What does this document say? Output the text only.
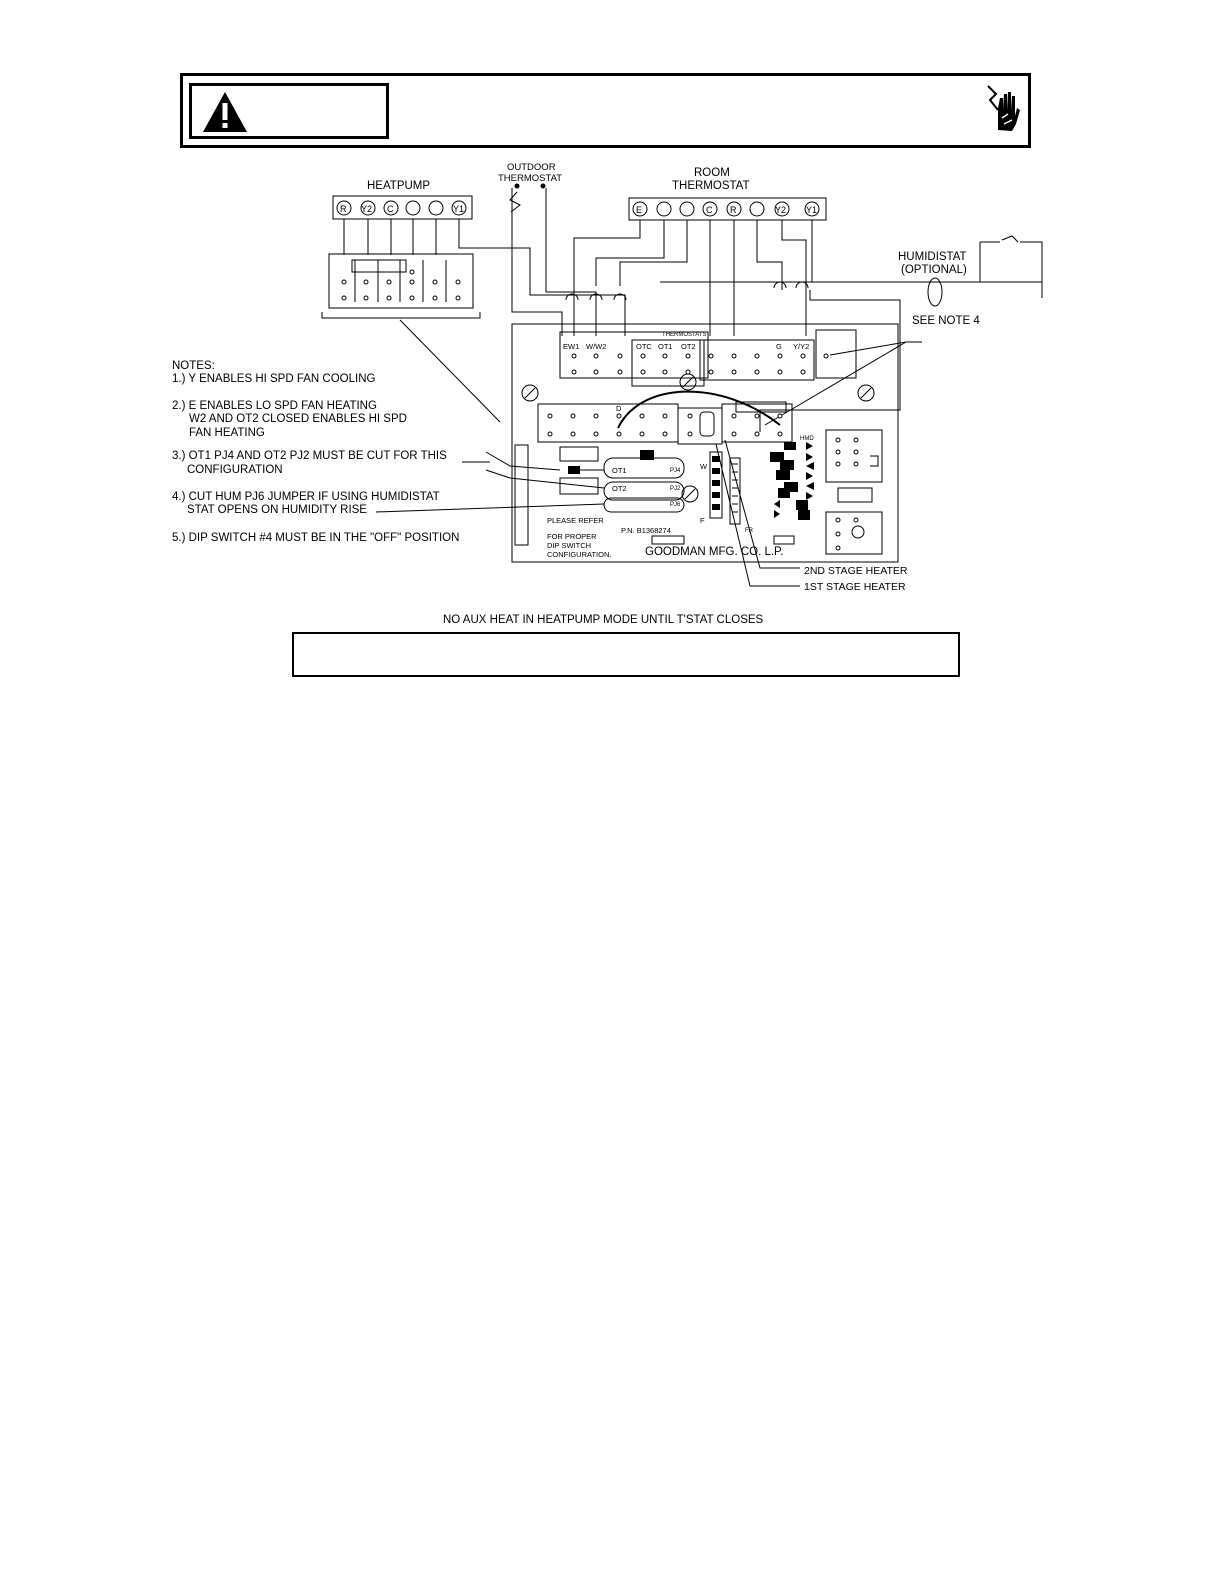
HEATPUMP
R Y2 C	Y1
OUTDOOR
THERMOSTAT	ROOM
THERMOSTAT
E	C R	Y2 Y1
HUMIDISTAT
(OPTIONAL)
SEE NOTE 4
THERMOSTATS
EW1 W/W2	OTC OT1 OT2	G Y/Y2
D
W
F
FR
OT1
OT2
PJ4
PJ2
PJ6
HMD
PLEASE REFER
FOR PROPER
DIP SWITCH
CONFIGURATION.
P.N. B1368274
GOODMAN MFG. CO. L.P.
2ND STAGE HEATER
1ST STAGE HEATER
NOTES:
1.) Y ENABLES HI SPD FAN COOLING
2.) E ENABLES LO SPD FAN HEATING
W2 AND OT2 CLOSED ENABLES HI SPD
FAN HEATING
3.) OT1 PJ4 AND OT2 PJ2 MUST BE CUT FOR THIS
CONFIGURATION
4.) CUT HUM PJ6 JUMPER IF USING HUMIDISTAT
STAT OPENS ON HUMIDITY RISE
5.) DIP SWITCH #4 MUST BE IN THE "OFF" POSITION
NO AUX HEAT IN HEATPUMP MODE UNTIL T'STAT CLOSES
